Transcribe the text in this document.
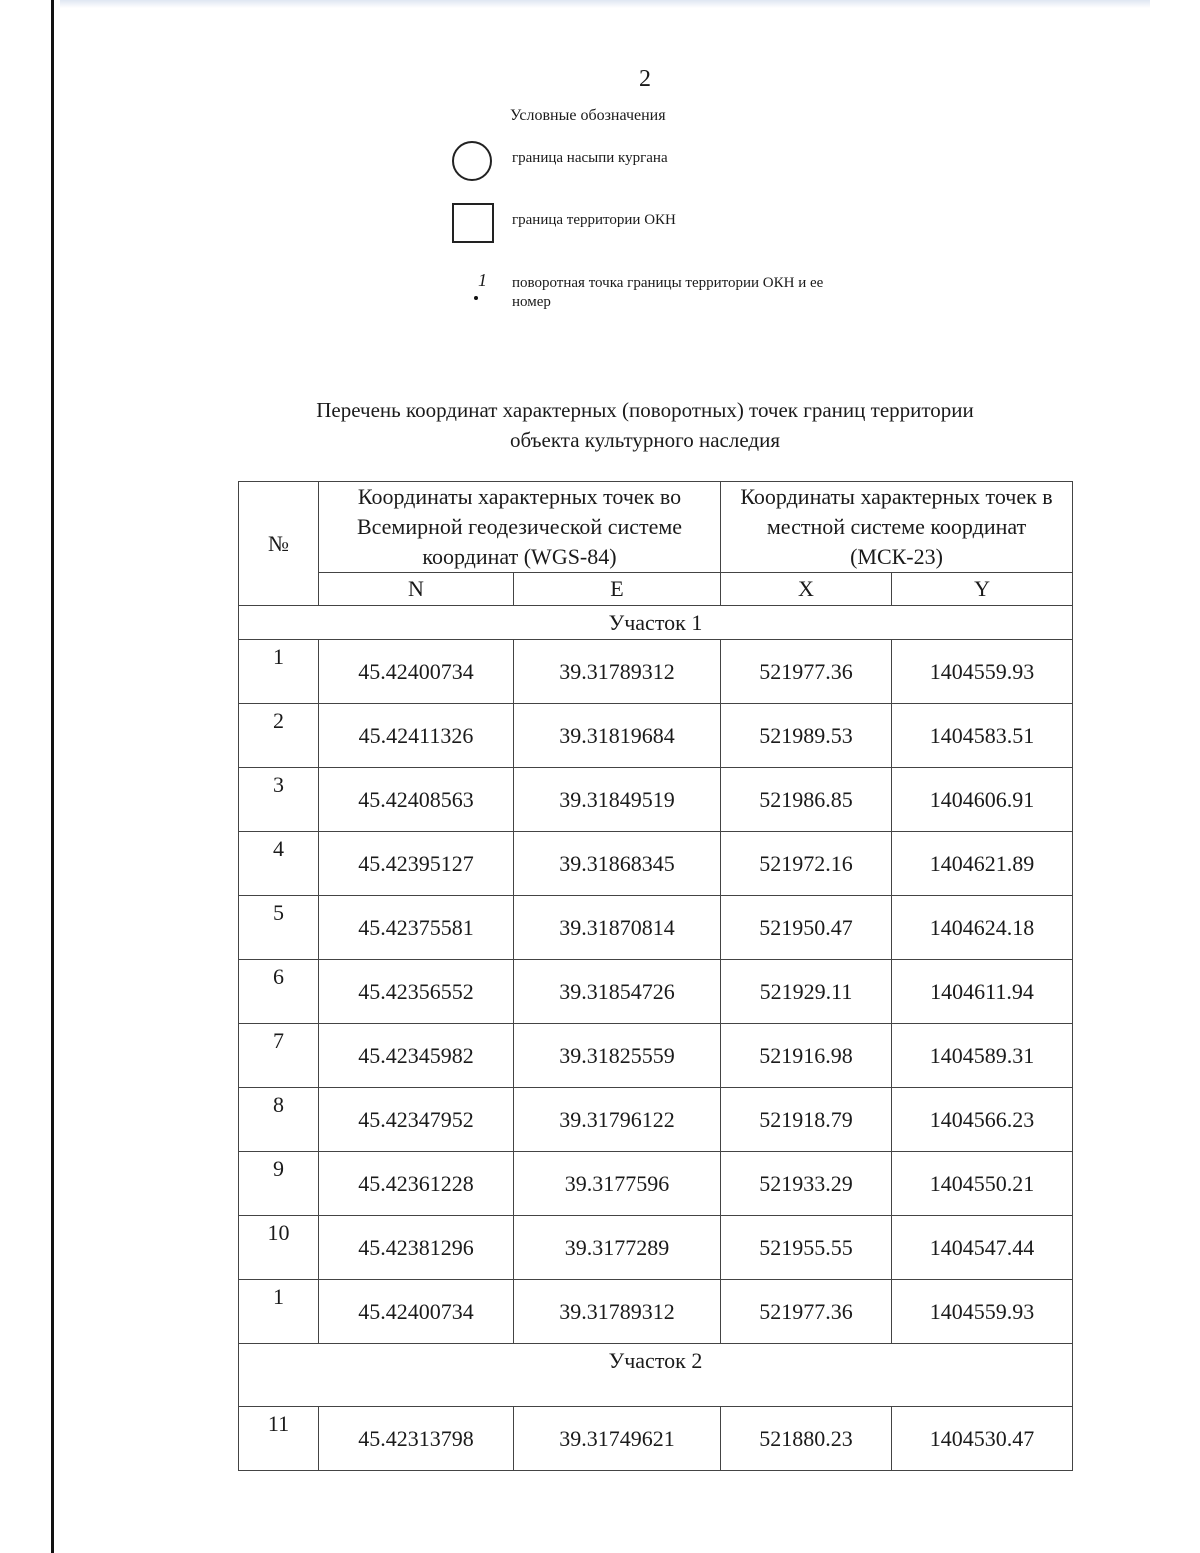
2
Условные обозначения
граница насыпи кургана
граница территории ОКН
1 поворотная точка границы территории ОКН и ее номер
Перечень координат характерных (поворотных) точек границ территории
объекта культурного наследия
№	Координаты характерных точек во Всемирной геодезической системе координат (WGS-84)		Координаты характерных точек в местной системе координат (МСК-23)	
	N	E	X	Y
Участок 1				
1	45.42400734	39.31789312	521977.36	1404559.93
2	45.42411326	39.31819684	521989.53	1404583.51
3	45.42408563	39.31849519	521986.85	1404606.91
4	45.42395127	39.31868345	521972.16	1404621.89
5	45.42375581	39.31870814	521950.47	1404624.18
6	45.42356552	39.31854726	521929.11	1404611.94
7	45.42345982	39.31825559	521916.98	1404589.31
8	45.42347952	39.31796122	521918.79	1404566.23
9	45.42361228	39.3177596	521933.29	1404550.21
10	45.42381296	39.3177289	521955.55	1404547.44
1	45.42400734	39.31789312	521977.36	1404559.93
Участок 2				
11	45.42313798	39.31749621	521880.23	1404530.47
